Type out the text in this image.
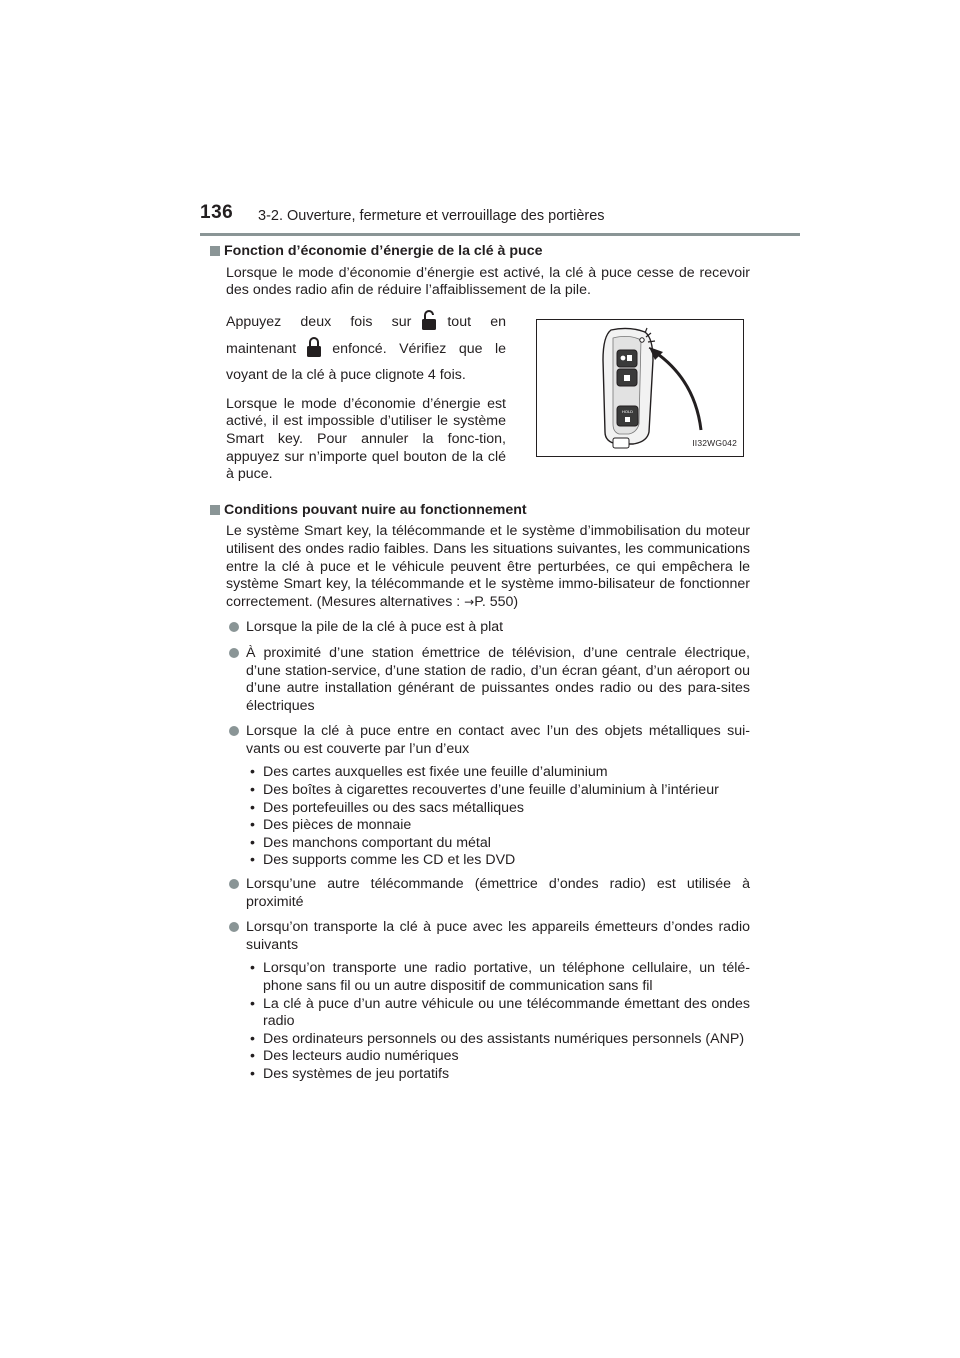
136 3-2. Ouverture, fermeture et verrouillage des portières
Fonction d’économie d’énergie de la clé à puce

Lorsque le mode d’économie d’énergie est activé, la clé à puce cesse de recevoir des ondes radio afin de réduire l’affaiblissement de la pile.

Appuyez deux fois sur	tout en maintenant	enfoncé. Vérifiez que le voyant de la clé à puce clignote 4 fois.

Lorsque le mode d’économie d’énergie est activé, il est impossible d’utiliser le système Smart key. Pour annuler la fonc-tion, appuyez sur n’importe quel bouton de la clé à puce.

HOLD
II32WG042
Conditions pouvant nuire au fonctionnement

Le système Smart key, la télécommande et le système d’immobilisation du moteur utilisent des ondes radio faibles. Dans les situations suivantes, les communications entre la clé à puce et le véhicule peuvent être perturbées, ce qui empêchera le système Smart key, la télécommande et le système immo-bilisateur de fonctionner correctement. (Mesures alternatives : →P. 550)

Lorsque la pile de la clé à puce est à plat
À proximité d’une station émettrice de télévision, d’une centrale électrique, d’une station-service, d’une station de radio, d’un écran géant, d’un aéroport ou d’une autre installation générant de puissantes ondes radio ou des para-sites électriques
Lorsque la clé à puce entre en contact avec l’un des objets métalliques sui-vants ou est couverte par l’un d’eux
• Des cartes auxquelles est fixée une feuille d’aluminium
• Des boîtes à cigarettes recouvertes d’une feuille d’aluminium à l’intérieur
• Des portefeuilles ou des sacs métalliques
• Des pièces de monnaie
• Des manchons comportant du métal
• Des supports comme les CD et les DVD
Lorsqu’une autre télécommande (émettrice d’ondes radio) est utilisée à proximité
Lorsqu’on transporte la clé à puce avec les appareils émetteurs d’ondes radio suivants
• Lorsqu’on transporte une radio portative, un téléphone cellulaire, un télé-phone sans fil ou un autre dispositif de communication sans fil
• La clé à puce d’un autre véhicule ou une télécommande émettant des ondes radio
• Des ordinateurs personnels ou des assistants numériques personnels (ANP)
• Des lecteurs audio numériques
• Des systèmes de jeu portatifs
